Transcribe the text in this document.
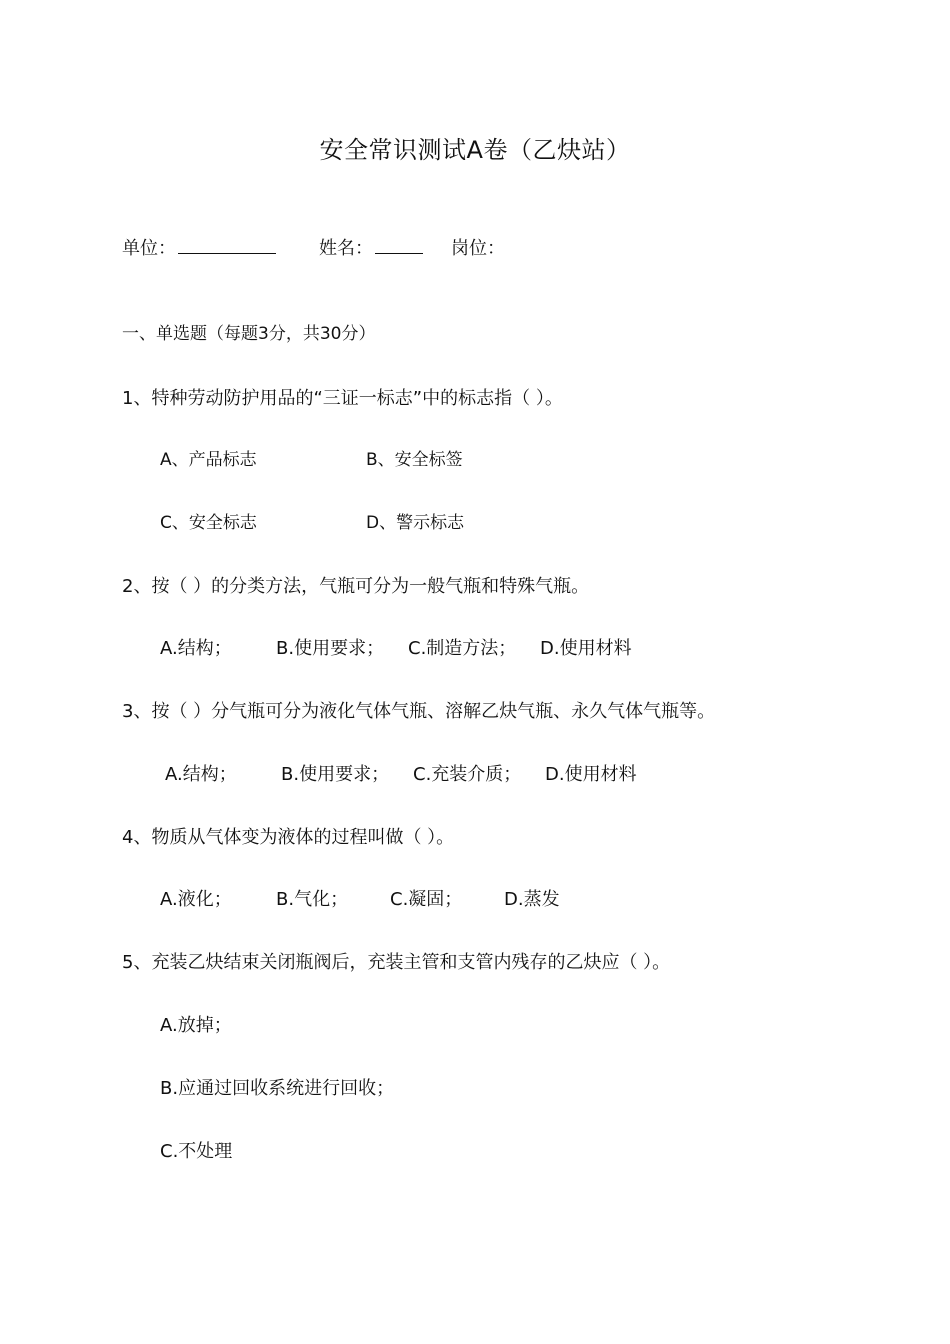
安全常识测试A卷（乙炔站）
单位：	姓名：	岗位：
一、单选题（每题3分，共30分）
1、特种劳动防护用品的“三证一标志”中的标志指（ ）。
A、产品标志	B、安全标签
C、安全标志	D、警示标志
2、按（ ）的分类方法，气瓶可分为一般气瓶和特殊气瓶。
A.结构； B.使用要求； C.制造方法； D.使用材料
3、按（ ）分气瓶可分为液化气体气瓶、溶解乙炔气瓶、永久气体气瓶等。
A.结构； B.使用要求； C.充装介质； D.使用材料
4、物质从气体变为液体的过程叫做（ ）。
A.液化； B.气化； C.凝固； D.蒸发
5、充装乙炔结束关闭瓶阀后，充装主管和支管内残存的乙炔应（ ）。
A.放掉；
B.应通过回收系统进行回收；
C.不处理
